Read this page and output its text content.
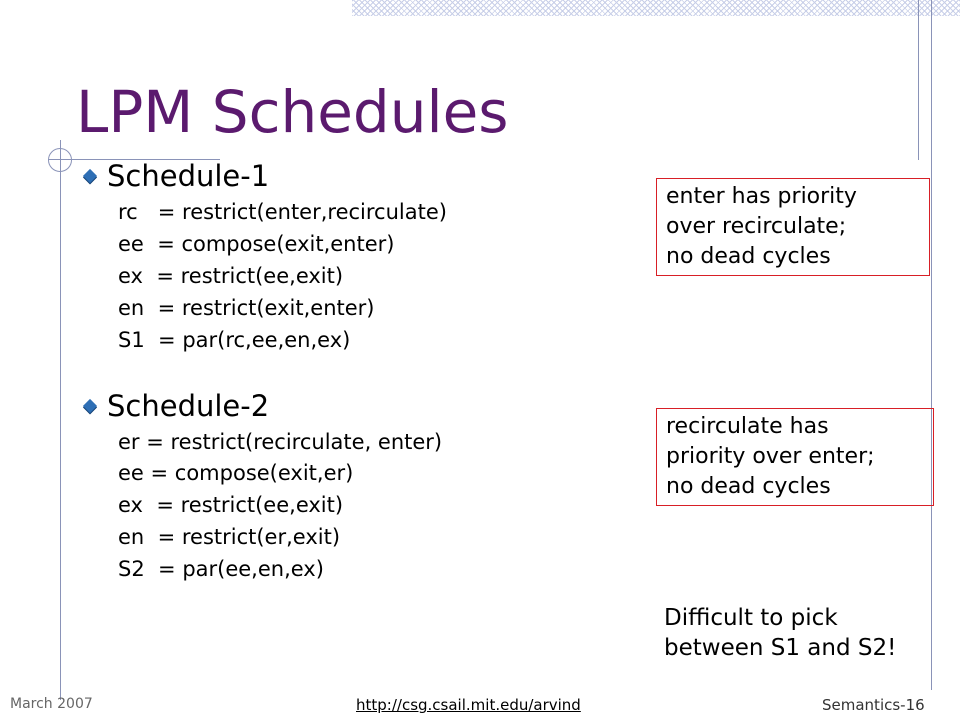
LPM Schedules
Schedule-1
rc   = restrict(enter,recirculate)
ee  = compose(exit,enter)
ex  = restrict(ee,exit)
en  = restrict(exit,enter)
S1  = par(rc,ee,en,ex)
enter has priority
over recirculate;
no dead cycles
Schedule-2
er = restrict(recirculate, enter)
ee = compose(exit,er)
ex  = restrict(ee,exit)
en  = restrict(er,exit)
S2  = par(ee,en,ex)
recirculate has
priority over enter;
no dead cycles
Difficult to pick
between S1 and S2!
March 2007	http://csg.csail.mit.edu/arvind	Semantics-16
